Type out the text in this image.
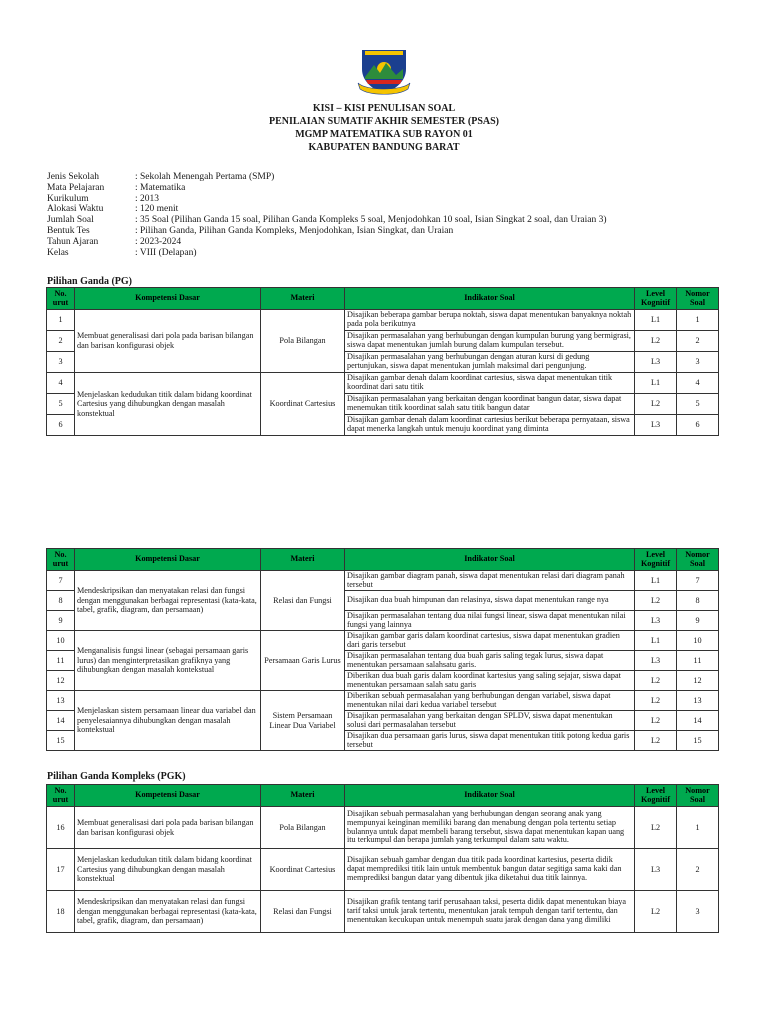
KISI – KISI PENULISAN SOAL
PENILAIAN SUMATIF AKHIR SEMESTER (PSAS)
MGMP MATEMATIKA SUB RAYON 01
KABUPATEN BANDUNG BARAT
Jenis Sekolah	: Sekolah Menengah Pertama (SMP)
Mata Pelajaran	: Matematika
Kurikulum	: 2013
Alokasi Waktu	: 120 menit
Jumlah Soal	: 35 Soal (Pilihan Ganda 15 soal, Pilihan Ganda Kompleks 5 soal, Menjodohkan 10 soal, Isian Singkat 2 soal, dan Uraian 3)
Bentuk Tes	: Pilihan Ganda, Pilihan Ganda Kompleks, Menjodohkan, Isian Singkat, dan Uraian
Tahun Ajaran	: 2023-2024
Kelas	: VIII (Delapan)
Pilihan Ganda (PG)
No. urut	Kompetensi Dasar	Materi	Indikator Soal	Level Kognitif	Nomor Soal
1	Membuat generalisasi dari pola pada barisan bilangan dan barisan konfigurasi objek	Pola Bilangan	Disajikan beberapa gambar berupa noktah, siswa dapat menentukan banyaknya noktah pada pola berikutnya	L1	1
2			Disajikan permasalahan yang berhubungan dengan kumpulan burung yang bermigrasi, siswa dapat menentukan jumlah burung dalam kumpulan tersebut.	L2	2
3			Disajikan permasalahan yang berhubungan dengan aturan kursi di gedung pertunjukan, siswa dapat menentukan jumlah maksimal dari pengunjung.	L3	3
4	Menjelaskan kedudukan titik dalam bidang koordinat Cartesius yang dihubungkan dengan masalah konstektual	Koordinat Cartesius	Disajikan gambar denah dalam koordinat cartesius, siswa dapat menentukan titik koordinat dari satu titik	L1	4
5			Disajikan permasalahan yang berkaitan dengan koordinat bangun datar, siswa dapat menemukan titik koordinat salah satu titik bangun datar	L2	5
6			Disajikan gambar denah dalam koordinat cartesius berikut beberapa pernyataan, siswa dapat menerka langkah untuk menuju koordinat yang diminta	L3	6
No. urut	Kompetensi Dasar	Materi	Indikator Soal	Level Kognitif	Nomor Soal
7	Mendeskripsikan dan menyatakan relasi dan fungsi dengan menggunakan berbagai representasi (kata-kata, tabel, grafik, diagram, dan persamaan)	Relasi dan Fungsi	Disajikan gambar diagram panah, siswa dapat menentukan relasi dari diagram panah tersebut	L1	7
8			Disajikan dua buah himpunan dan relasinya, siswa dapat menentukan range nya	L2	8
9			Disajikan permasalahan tentang dua nilai fungsi linear, siswa dapat menentukan nilai fungsi yang lainnya	L3	9
10	Menganalisis fungsi linear (sebagai persamaan garis lurus) dan menginterpretasikan grafiknya yang dihubungkan dengan masalah kontekstual	Persamaan Garis Lurus	Disajikan gambar garis dalam koordinat cartesius, siswa dapat menentukan gradien dari garis tersebut	L1	10
11			Disajikan permasalahan tentang dua buah garis saling tegak lurus, siswa dapat menentukan persamaan salahsatu garis.	L3	11
12			Diberikan dua buah garis dalam koordinat kartesius yang saling sejajar, siswa dapat menentukan persamaan salah satu garis	L2	12
13	Menjelaskan sistem persamaan linear dua variabel dan penyelesaiannya dihubungkan dengan masalah kontekstual	Sistem Persamaan Linear Dua Variabel	Diberikan sebuah permasalahan yang berhubungan dengan variabel, siswa dapat menentukan nilai dari kedua variabel tersebut	L2	13
14			Disajikan permasalahan yang berkaitan dengan SPLDV, siswa dapat menentukan solusi dari permasalahan tersebut	L2	14
15			Disajikan dua persamaan garis lurus, siswa dapat menentukan titik potong kedua garis tersebut	L2	15
Pilihan Ganda Kompleks (PGK)
No. urut	Kompetensi Dasar	Materi	Indikator Soal	Level Kognitif	Nomor Soal
16	Membuat generalisasi dari pola pada barisan bilangan dan barisan konfigurasi objek	Pola Bilangan	Disajikan sebuah permasalahan yang berhubungan dengan seorang anak yang mempunyai keinginan memiliki barang dan menabung dengan pola tertentu setiap bulannya untuk dapat membeli barang tersebut, siswa dapat menentukan kapan uang itu terkumpul dan berapa jumlah yang terkumpul dalam satu waktu.	L2	1
17	Menjelaskan kedudukan titik dalam bidang koordinat Cartesius yang dihubungkan dengan masalah konstektual	Koordinat Cartesius	Disajikan sebuah gambar dengan dua titik pada koordinat kartesius, peserta didik dapat memprediksi titik lain untuk membentuk bangun datar segitiga sama kaki dan memprediksi bangun datar yang dibentuk jika diketahui dua titik lainnya.	L3	2
18	Mendeskripsikan dan menyatakan relasi dan fungsi dengan menggunakan berbagai representasi (kata-kata, tabel, grafik, diagram, dan persamaan)	Relasi dan Fungsi	Disajikan grafik tentang tarif perusahaan taksi, peserta didik dapat menentukan biaya tarif taksi untuk jarak tertentu, menentukan jarak tempuh dengan tarif tertentu, dan menentukan kecukupan untuk menempuh suatu jarak dengan dana yang dimiliki	L2	3
